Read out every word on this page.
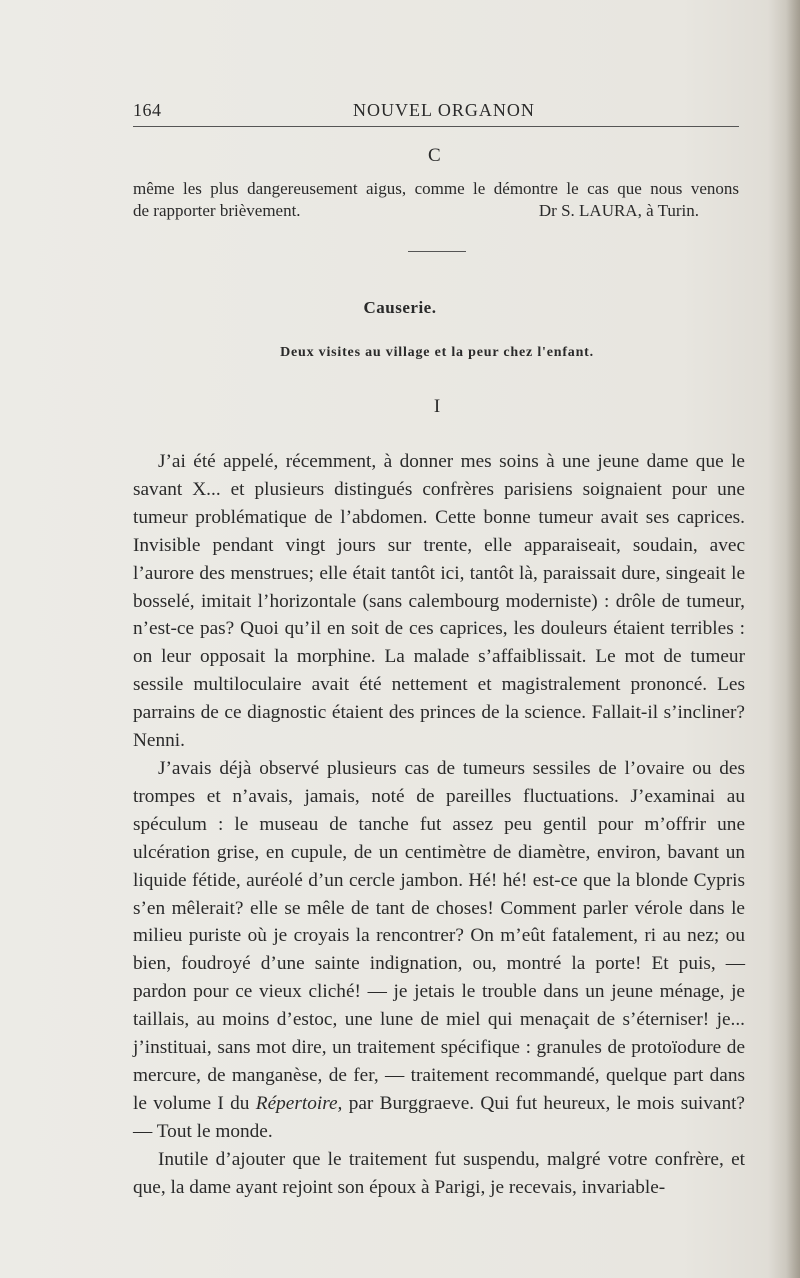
164	NOUVEL ORGANON
C
même les plus dangereusement aigus, comme le démontre le cas que nous venons
de rapporter brièvement.	Dr S. LAURA, à Turin.
Causerie.
Deux visites au village et la peur chez l'enfant.
I

J’ai été appelé, récemment, à donner mes soins à une jeune dame que le savant X... et plusieurs distingués confrères parisiens soignaient pour une tumeur problématique de l’abdomen. Cette bonne tumeur avait ses caprices. Invisible pendant vingt jours sur trente, elle apparaiseait, soudain, avec l’aurore des menstrues; elle était tantôt ici, tantôt là, paraissait dure, singeait le bosselé, imitait l’horizontale (sans calembourg moderniste) : drôle de tumeur, n’est-ce pas? Quoi qu’il en soit de ces caprices, les douleurs étaient terribles : on leur opposait la morphine. La malade s’affaiblissait. Le mot de tumeur sessile multiloculaire avait été nettement et magistralement prononcé. Les parrains de ce diagnostic étaient des princes de la science. Fallait-il s’incliner? Nenni.

J’avais déjà observé plusieurs cas de tumeurs sessiles de l’ovaire ou des trompes et n’avais, jamais, noté de pareilles fluctuations. J’examinai au spéculum : le museau de tanche fut assez peu gentil pour m’offrir une ulcération grise, en cupule, de un centimètre de diamètre, environ, bavant un liquide fétide, auréolé d’un cercle jambon. Hé! hé! est-ce que la blonde Cypris s’en mêlerait? elle se mêle de tant de choses! Comment parler vérole dans le milieu puriste où je croyais la rencontrer? On m’eût fatalement, ri au nez; ou bien, foudroyé d’une sainte indignation, ou, montré la porte! Et puis, — pardon pour ce vieux cliché! — je jetais le trouble dans un jeune ménage, je taillais, au moins d’estoc, une lune de miel qui menaçait de s’éterniser! je... j’instituai, sans mot dire, un traitement spécifique : granules de protoïodure de mercure, de manganèse, de fer, — traitement recommandé, quelque part dans le volume I du Répertoire, par Burggraeve. Qui fut heureux, le mois suivant? — Tout le monde.

Inutile d’ajouter que le traitement fut suspendu, malgré votre confrère, et que, la dame ayant rejoint son époux à Parigi, je recevais, invariable-
